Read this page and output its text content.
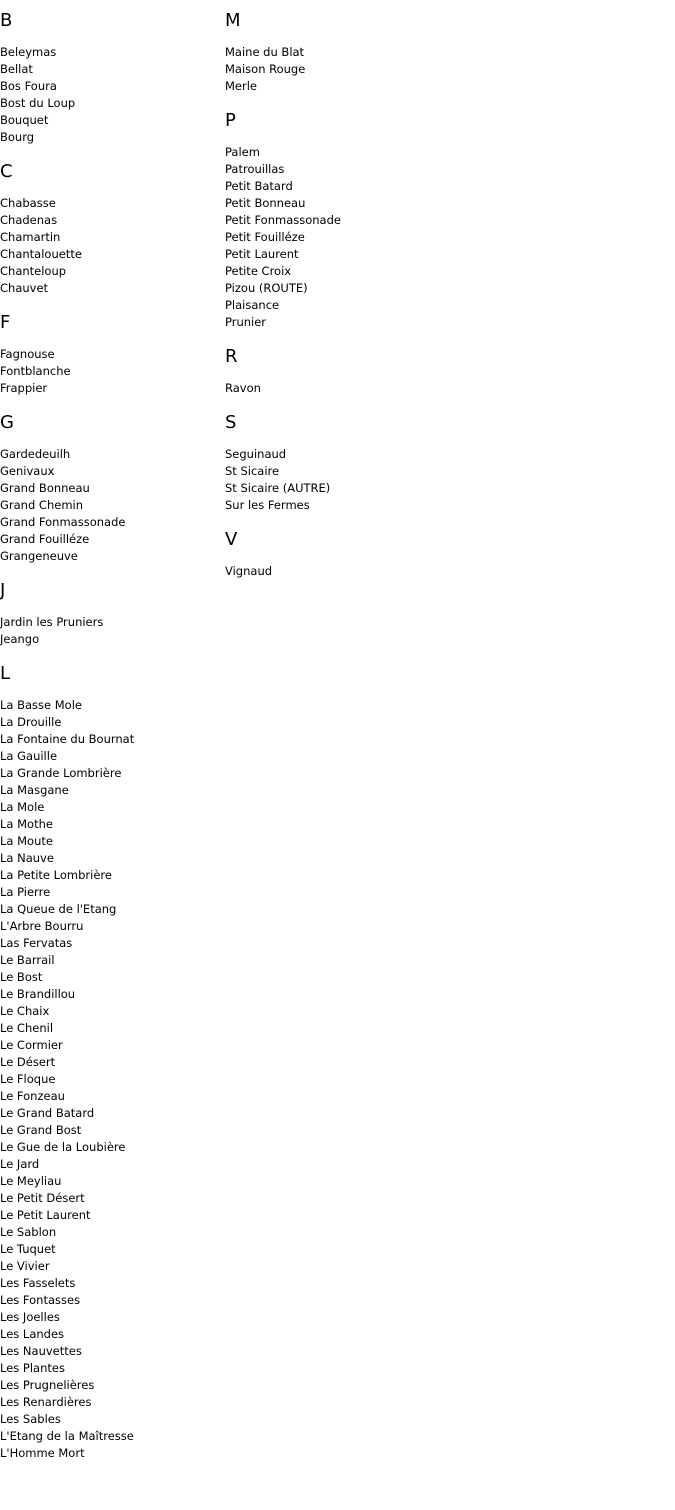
B
Beleymas
Bellat
Bos Foura
Bost du Loup
Bouquet
Bourg
C
Chabasse
Chadenas
Chamartin
Chantalouette
Chanteloup
Chauvet
F
Fagnouse
Fontblanche
Frappier
G
Gardedeuilh
Genivaux
Grand Bonneau
Grand Chemin
Grand Fonmassonade
Grand Fouilléze
Grangeneuve
J
Jardin les Pruniers
Jeango
L
La Basse Mole
La Drouille
La Fontaine du Bournat
La Gauille
La Grande Lombrière
La Masgane
La Mole
La Mothe
La Moute
La Nauve
La Petite Lombrière
La Pierre
La Queue de l'Etang
L'Arbre Bourru
Las Fervatas
Le Barrail
Le Bost
Le Brandillou
Le Chaix
Le Chenil
Le Cormier
Le Désert
Le Floque
Le Fonzeau
Le Grand Batard
Le Grand Bost
Le Gue de la Loubière
Le Jard
Le Meyliau
Le Petit Désert
Le Petit Laurent
Le Sablon
Le Tuquet
Le Vivier
Les Fasselets
Les Fontasses
Les Joelles
Les Landes
Les Nauvettes
Les Plantes
Les Prugnelières
Les Renardières
Les Sables
L'Etang de la Maîtresse
L'Homme Mort
M
Maine du Blat
Maison Rouge
Merle
P
Palem
Patrouillas
Petit Batard
Petit Bonneau
Petit Fonmassonade
Petit Fouilléze
Petit Laurent
Petite Croix
Pizou (ROUTE)
Plaisance
Prunier
R
Ravon
S
Seguinaud
St Sicaire
St Sicaire (AUTRE)
Sur les Fermes
V
Vignaud
